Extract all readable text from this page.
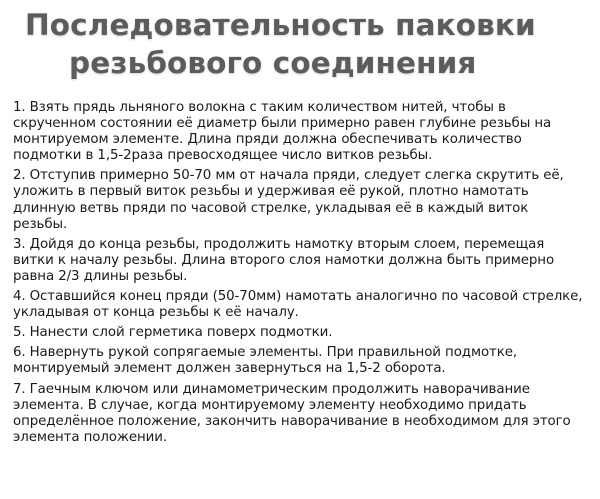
Последовательность паковки
резьбового соединения
1. Взять прядь льняного волокна с таким количеством нитей, чтобы в скрученном состоянии её диаметр были примерно равен глубине резьбы на монтируемом элементе. Длина пряди должна обеспечивать количество подмотки в 1,5-2раза превосходящее число витков резьбы.
2. Отступив примерно 50-70 мм от начала пряди, следует слегка скрутить её, уложить в первый виток резьбы и удерживая её рукой, плотно намотать длинную ветвь пряди по часовой стрелке, укладывая её в каждый виток резьбы.
3. Дойдя до конца резьбы, продолжить намотку вторым слоем, перемещая витки к началу резьбы. Длина второго слоя намотки должна быть примерно равна 2/3 длины резьбы.
4. Оставшийся конец пряди (50-70мм) намотать аналогично по часовой стрелке, укладывая от конца резьбы к её началу.
5. Нанести слой герметика поверх подмотки.
6. Навернуть рукой сопрягаемые элементы. При правильной подмотке, монтируемый элемент должен завернуться на 1,5-2 оборота.
7. Гаечным ключом или динамометрическим продолжить наворачивание элемента. В случае, когда монтируемому элементу необходимо придать определённое положение, закончить наворачивание в необходимом для этого элемента положении.
